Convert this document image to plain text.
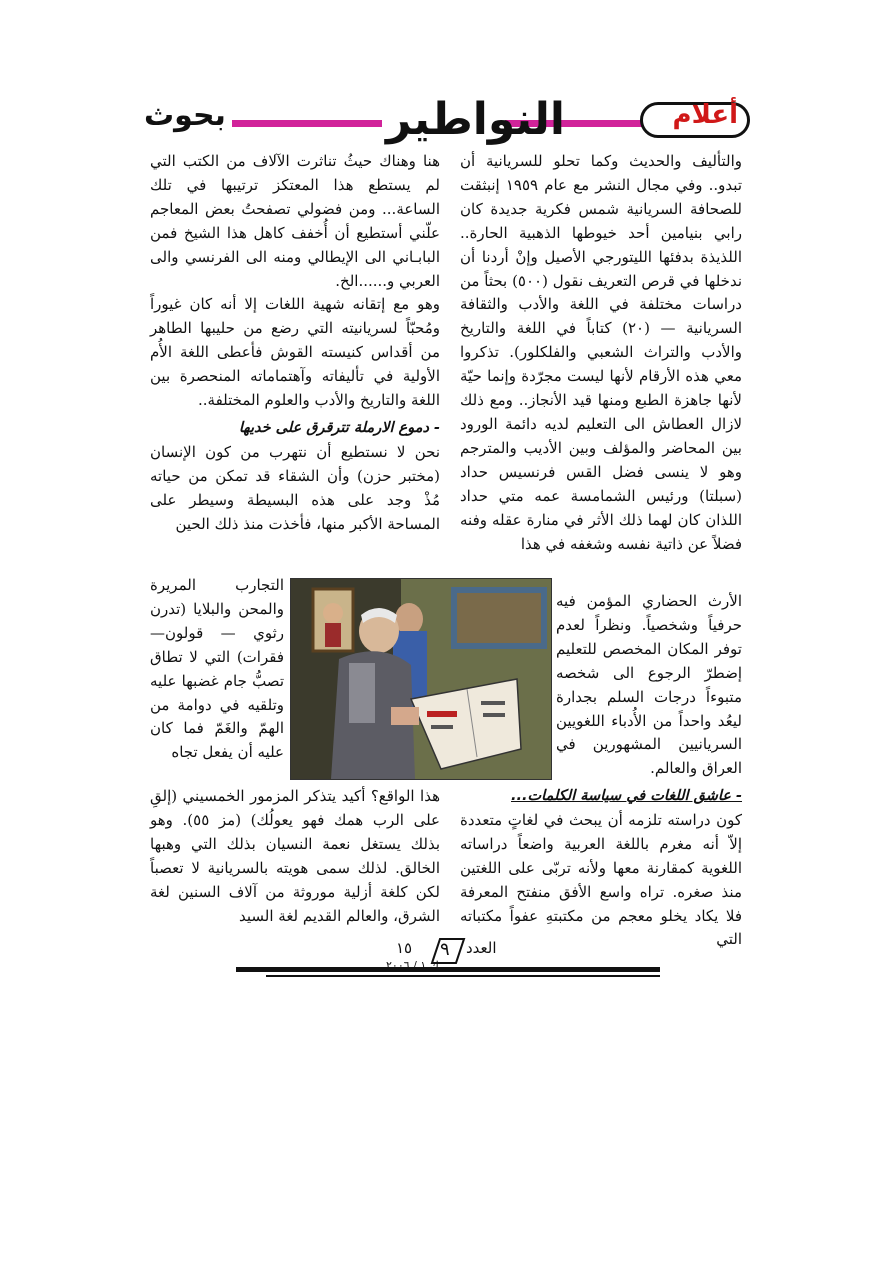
بحوث	النواطير	أعلام

والتأليف والحديث وكما تحلو للسريانية أن تبدو.. وفي مجال النشر مع عام ١٩٥٩ إنبثقت للصحافة السريانية شمس فكرية جديدة كان رابي بنيامين أحد خيوطها الذهبية الحارة.. اللذيذة بدفئها الليتورجي الأصيل وإنْ أردنا أن ندخلها في قرص التعريف نقول (٥٠٠) بحثاً من دراسات مختلفة في اللغة والأدب والثقافة السريانية — (٢٠) كتاباً في اللغة والتاريخ والأدب والتراث الشعبي والفلكلور). تذكروا معي هذه الأرقام لأنها ليست مجرّدة وإنما حيّة لأنها جاهزة الطبع ومنها قيد الأنجاز.. ومع ذلك لازال العطاش الى التعليم لديه دائمة الورود بين المحاضر والمؤلف وبين الأديب والمترجم وهو لا ينسى فضل القس فرنسيس حداد (سبلتا) ورئيس الشمامسة عمه متي حداد اللذان كان لهما ذلك الأثر في منارة عقله وفنه فضلاً عن ذاتية نفسه وشغفه في هذا

الأرث الحضاري المؤمن فيه حرفياً وشخصياً. ونظراً لعدم توفر المكان المخصص للتعليم إضطرّ الرجوع الى شخصه متبوءاً درجات السلم بجدارة ليعُد واحداً من الأُدباء اللغويين السريانيين المشهورين في العراق والعالم.

- عاشق اللغات في سياسة الكلمات...

كون دراسته تلزمه أن يبحث في لغاتٍ متعددة إلاّ أنه مغرم باللغة العربية واضعاً دراساته اللغوية كمقارنة معها ولأنه تربّى على اللغتين منذ صغره. تراه واسع الأفق منفتح المعرفة فلا يكاد يخلو معجم من مكتبتهِ عفواً مكتباته التي

هنا وهناك حيثُ تناثرت الآلاف من الكتب التي لم يستطع هذا المعتكز ترتيبها في تلك الساعة... ومن فضولي تصفحتُ بعض المعاجم علّني أستطيع أن أُخفف كاهل هذا الشيخ فمن البابـاني الى الإيطالي ومنه الى الفرنسي والى العربي و......الخ.

وهو مع إتقانه شهية اللغات إلا أنه كان غيوراً ومُحبّاً لسريانيته التي رضع من حليبها الطاهر من أقداس كنيسته القوش فأعطى اللغة الأُم الأولية في تأليفاته وآهتماماته المنحصرة بين اللغة والتاريخ والأدب والعلوم المختلفة..

- دموع الارملة تترقرق على خديها

نحن لا نستطيع أن نتهرب من كون الإنسان (مختبر حزن) وأن الشقاء قد تمكن من حياته مُذْ وجد على هذه البسيطة وسيطر على المساحة الأكبر منها، فأخذت منذ ذلك الحين

التجارب المريرة والمحن والبلايا (تدرن رثوي — قولون— فقرات) التي لا تطاق تصبُّ جام غضبها عليه وتلقيه في دوامة من الهمّ والغَمّ فما كان عليه أن يفعل تجاه

هذا الواقع؟ أكيد يتذكر المزمور الخمسيني (إلقِ على الرب همك فهو يعولُك) (مز ٥٥). وهو بذلك يستغل نعمة النسيان بذلك التي وهبها الخالق. لذلك سمى هويته بالسريانية لا تعصباً لكن كلغة أزلية موروثة من آلاف السنين لغة الشرق، والعالم القديم لغة السيد

العدد
٩
١٥
ك ١ / ٢٠٠٦
